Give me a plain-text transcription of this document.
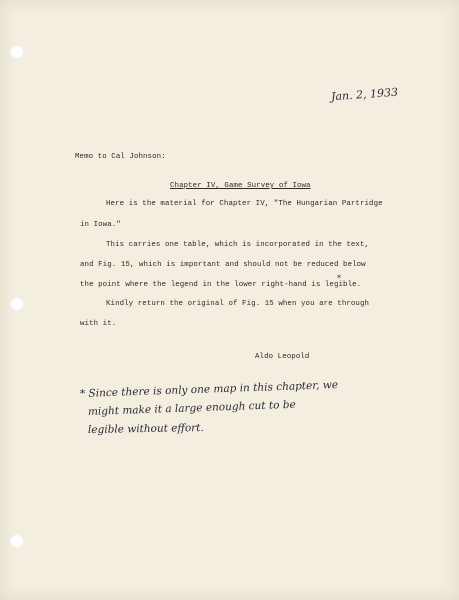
Jan. 2, 1933
Memo to Cal Johnson:
Chapter IV, Game Survey of Iowa
Here is the material for Chapter IV, "The Hungarian Partridge
in Iowa."
This carries one table, which is incorporated in the text,
and Fig. 15, which is important and should not be reduced below
the point where the legend in the lower right-hand is legible.
*
Kindly return the original of Fig. 15 when you are through
with it.
Aldo Leopold
* Since there is only one map in this chapter, we
might make it a large enough cut to be
legible without effort.
